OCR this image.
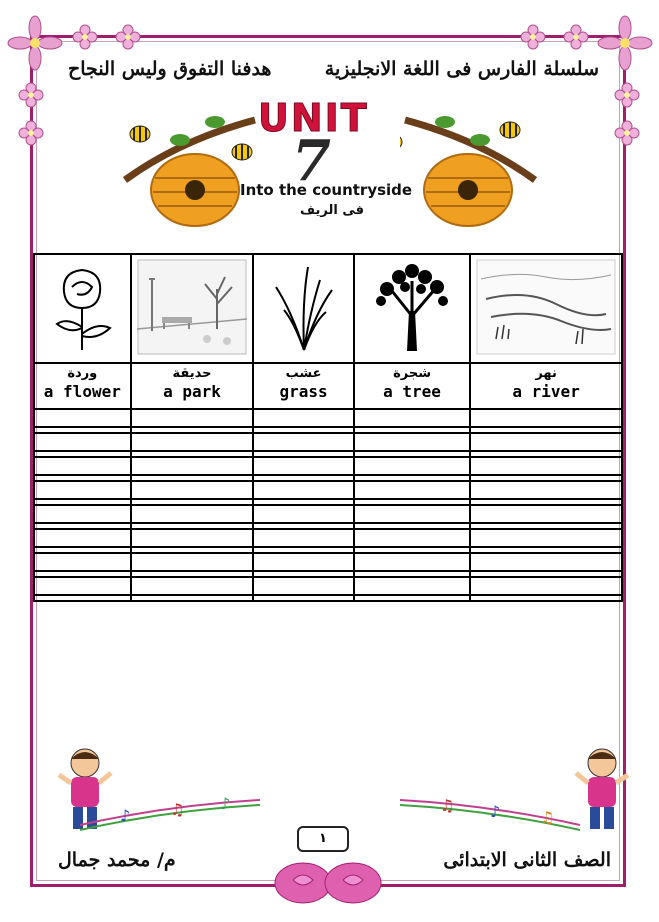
هدفنا التفوق وليس النجاح	سلسلة الفارس فى اللغة الانجليزية
UNIT
7
Into the countryside
فى الريف

وردة	حديقة	عشب	شجرة	نهر
a flower	a park	grass	a tree	a river

♪ ♫ ♪	♫ ♪ ♫
١
م/ محمد جمال	الصف الثانى الابتدائى
